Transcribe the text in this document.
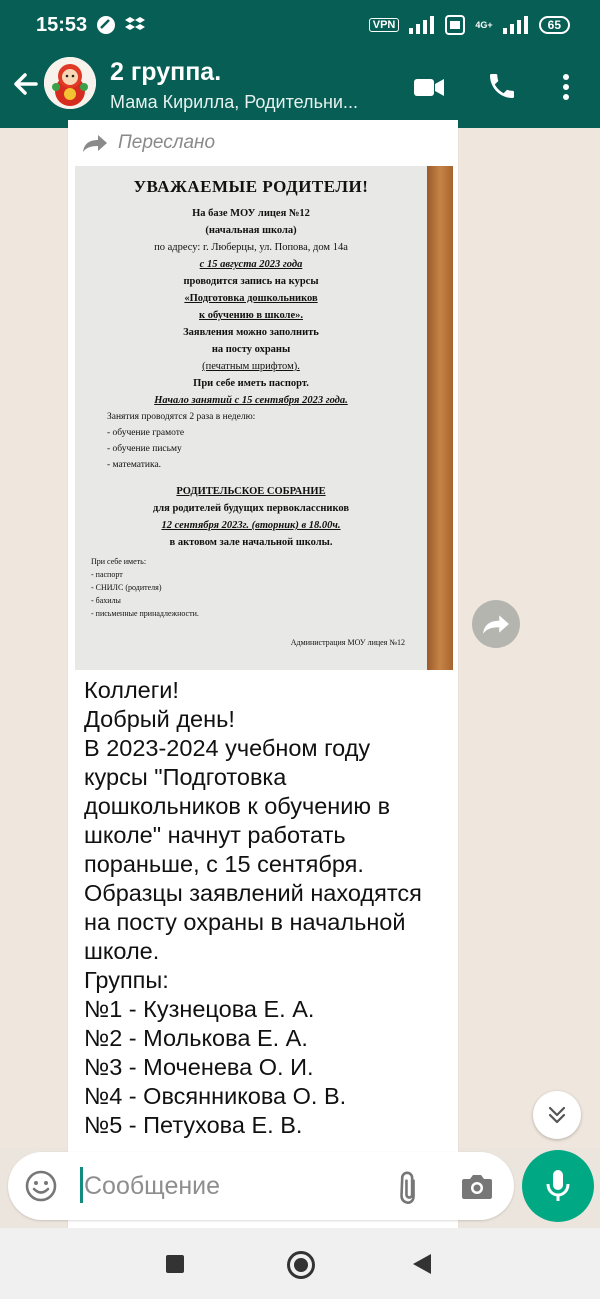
15:53	VPN	4G+	65
2 группа.
Мама Кирилла, Родительни...
Переслано
УВАЖАЕМЫЕ РОДИТЕЛИ!
На базе МОУ лицея №12
(начальная школа)
по адресу: г. Люберцы, ул. Попова, дом 14а
с 15 августа 2023 года
проводится запись на курсы
«Подготовка дошкольников
к обучению в школе».
Заявления можно заполнить
на посту охраны
(печатным шрифтом).
При себе иметь паспорт.
Начало занятий с 15 сентября 2023 года.
Занятия проводятся 2 раза в неделю:
- обучение грамоте
- обучение письму
- математика.
РОДИТЕЛЬСКОЕ СОБРАНИЕ
для родителей будущих первоклассников
12 сентября 2023г. (вторник) в 18.00ч.
в актовом зале начальной школы.
При себе иметь:
- паспорт
- СНИЛС (родителя)
- бахилы
- письменные принадлежности.
Администрация МОУ лицея №12
Коллеги!
Добрый день!
В 2023-2024 учебном году
курсы "Подготовка
дошкольников к обучению в
школе" начнут работать
пораньше, с 15 сентября.
Образцы заявлений находятся
на посту охраны в начальной
школе.
Группы:
№1 - Кузнецова Е. А.
№2 - Молькова Е. А.
№3 - Моченева О. И.
№4 - Овсянникова О. В.
№5 - Петухова Е. В.
Сообщение
